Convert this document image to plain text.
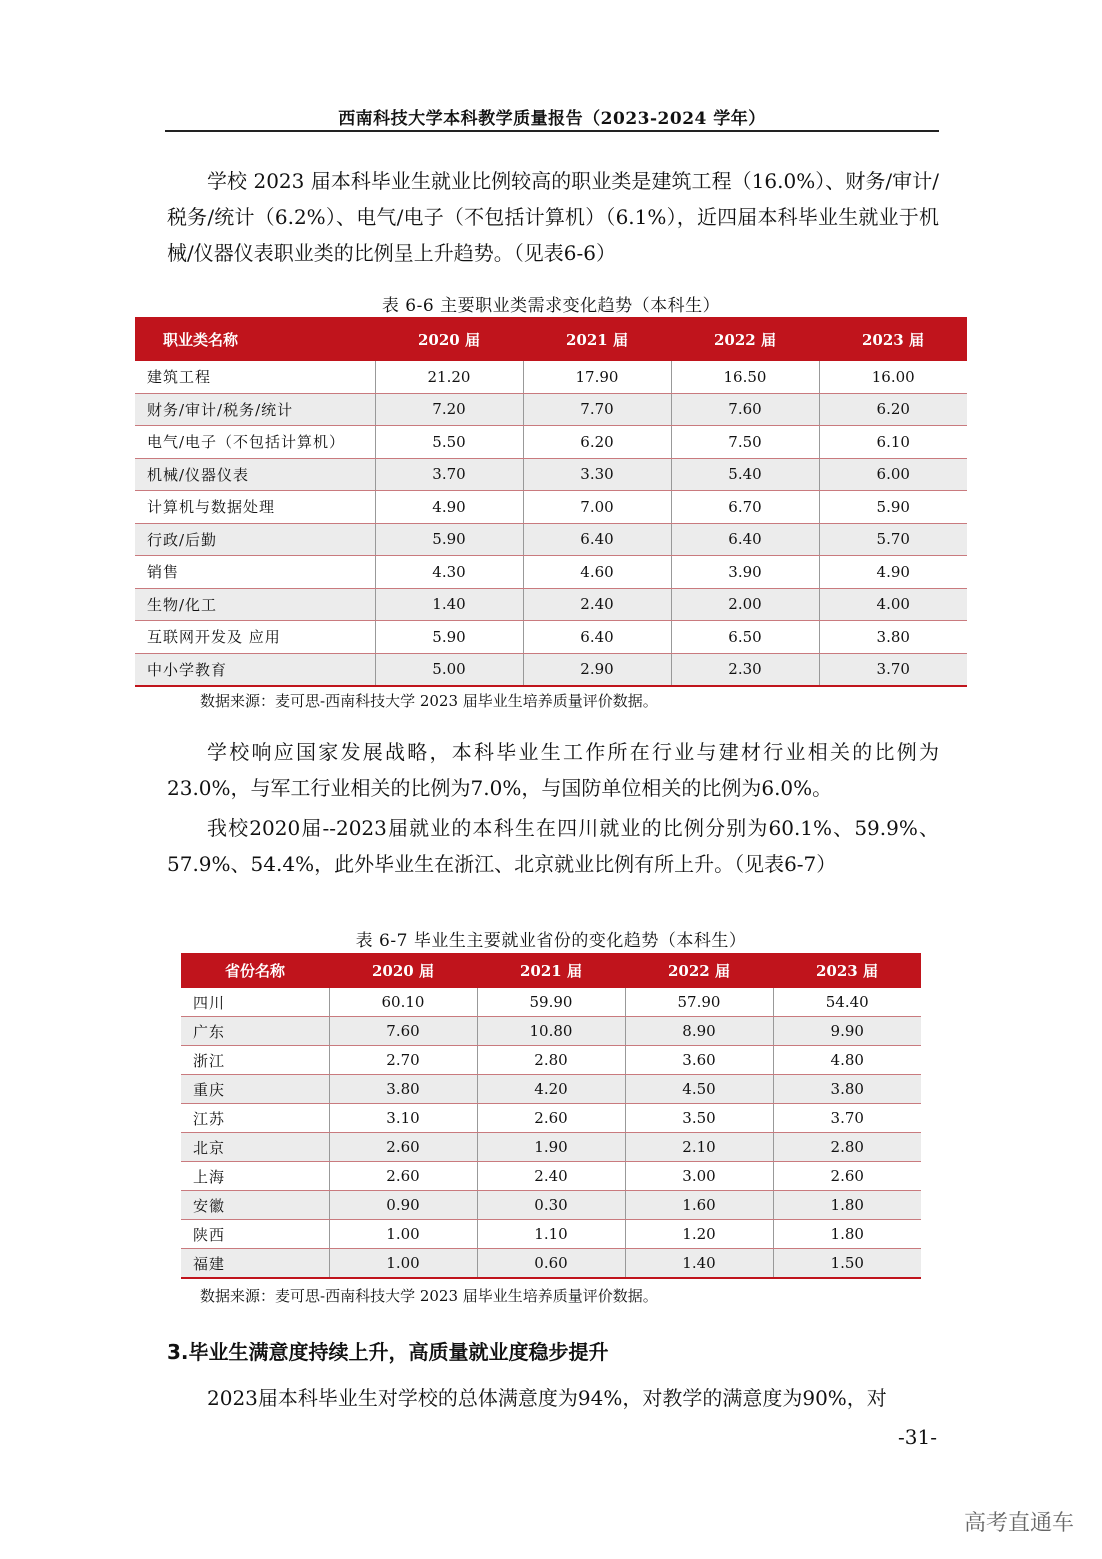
西南科技大学本科教学质量报告（2023-2024 学年）

学校 2023 届本科毕业生就业比例较高的职业类是建筑工程（16.0%）、财务/审计/税务/统计（6.2%）、电气/电子（不包括计算机）（6.1%），近四届本科毕业生就业于机械/仪器仪表职业类的比例呈上升趋势。（见表6-6）

表 6-6 主要职业类需求变化趋势（本科生）
职业类名称	2020 届	2021 届	2022 届	2023 届
建筑工程	21.20	17.90	16.50	16.00
财务/审计/税务/统计	7.20	7.70	7.60	6.20
电气/电子（不包括计算机）	5.50	6.20	7.50	6.10
机械/仪器仪表	3.70	3.30	5.40	6.00
计算机与数据处理	4.90	7.00	6.70	5.90
行政/后勤	5.90	6.40	6.40	5.70
销售	4.30	4.60	3.90	4.90
生物/化工	1.40	2.40	2.00	4.00
互联网开发及 应用	5.90	6.40	6.50	3.80
中小学教育	5.00	2.90	2.30	3.70
数据来源：麦可思-西南科技大学 2023 届毕业生培养质量评价数据。

学校响应国家发展战略，本科毕业生工作所在行业与建材行业相关的比例为23.0%，与军工行业相关的比例为7.0%，与国防单位相关的比例为6.0%。

我校2020届--2023届就业的本科生在四川就业的比例分别为60.1%、59.9%、57.9%、54.4%，此外毕业生在浙江、北京就业比例有所上升。（见表6-7）

表 6-7 毕业生主要就业省份的变化趋势（本科生）
省份名称	2020 届	2021 届	2022 届	2023 届
四川	60.10	59.90	57.90	54.40
广东	7.60	10.80	8.90	9.90
浙江	2.70	2.80	3.60	4.80
重庆	3.80	4.20	4.50	3.80
江苏	3.10	2.60	3.50	3.70
北京	2.60	1.90	2.10	2.80
上海	2.60	2.40	3.00	2.60
安徽	0.90	0.30	1.60	1.80
陕西	1.00	1.10	1.20	1.80
福建	1.00	0.60	1.40	1.50
数据来源：麦可思-西南科技大学 2023 届毕业生培养质量评价数据。
3.毕业生满意度持续上升，高质量就业度稳步提升

2023届本科毕业生对学校的总体满意度为94%，对教学的满意度为90%，对

-31-
高考直通车
